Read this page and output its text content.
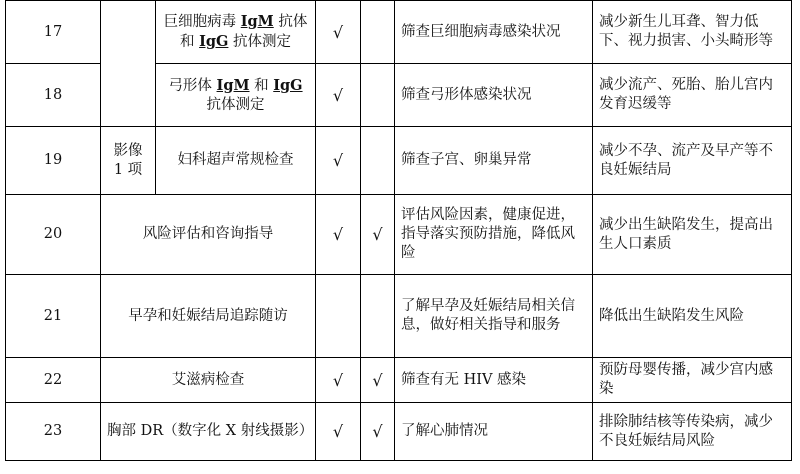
17		巨细胞病毒 IgM 抗体和 IgG 抗体测定	√		筛查巨细胞病毒感染状况	减少新生儿耳聋、智力低下、视力损害、小头畸形等
18		弓形体 IgM 和 IgG 抗体测定	√		筛查弓形体感染状况	减少流产、死胎、胎儿宫内发育迟缓等
19	影像 1 项	妇科超声常规检查	√		筛查子宫、卵巢异常	减少不孕、流产及早产等不良妊娠结局
20	风险评估和咨询指导		√	√	评估风险因素，健康促进，指导落实预防措施，降低风险	减少出生缺陷发生，提高出生人口素质
21	早孕和妊娠结局追踪随访				了解早孕及妊娠结局相关信息，做好相关指导和服务	降低出生缺陷发生风险
22	艾滋病检查		√	√	筛查有无 HIV 感染	预防母婴传播，减少宫内感染
23	胸部 DR（数字化 X 射线摄影）		√	√	了解心肺情况	排除肺结核等传染病，减少不良妊娠结局风险
